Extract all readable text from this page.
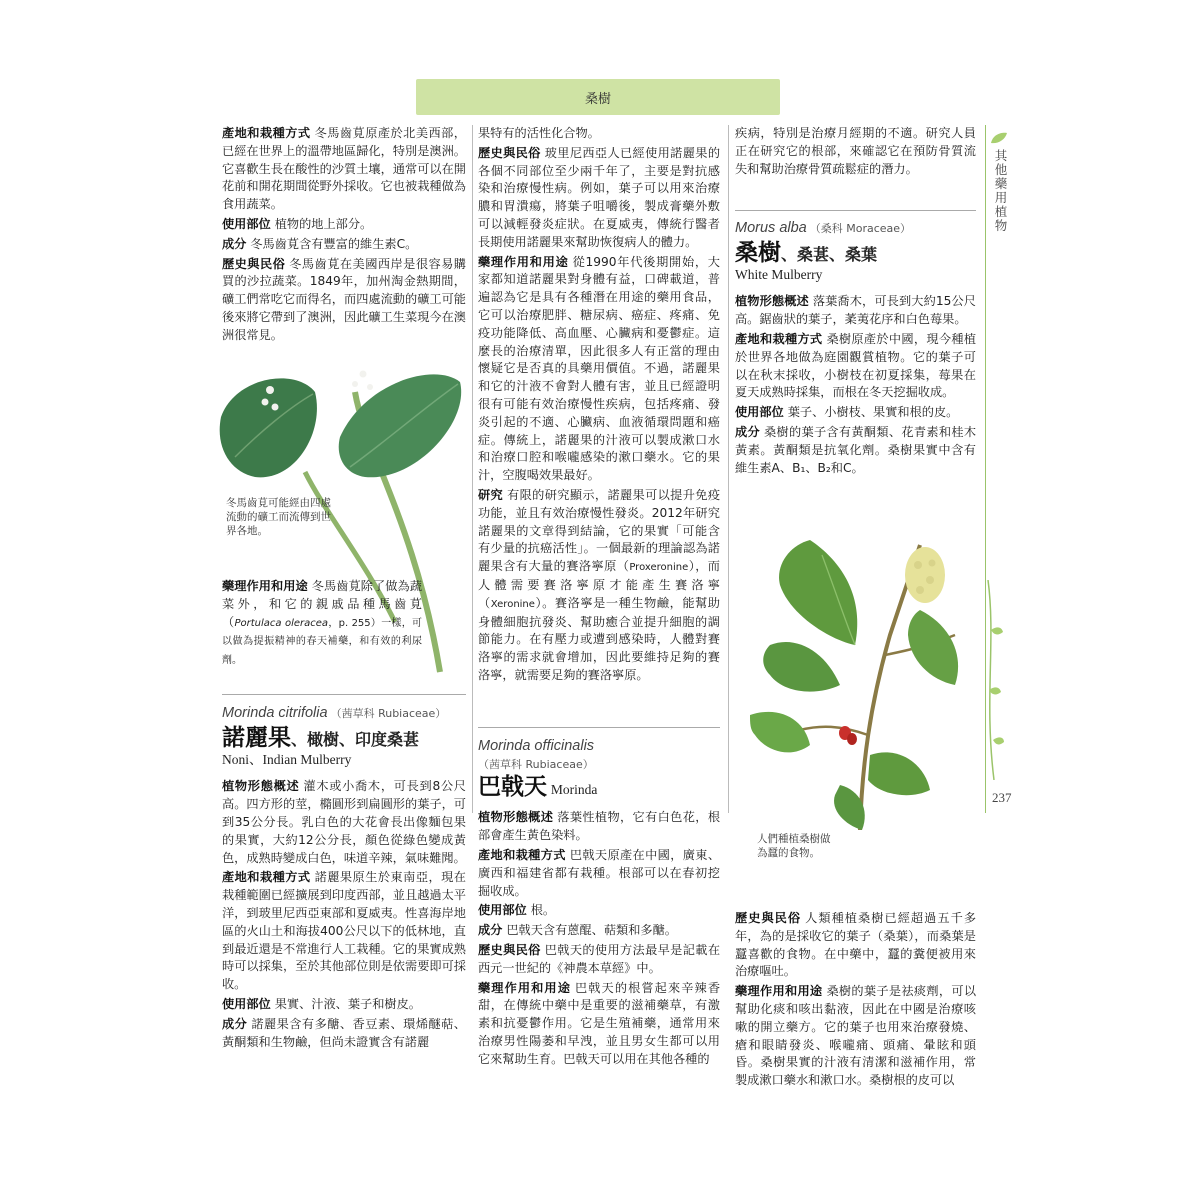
桑樹
其
他
藥
用
植
物
237
產地和栽種方式 冬馬齒莧原產於北美西部，已經在世界上的溫帶地區歸化，特別是澳洲。它喜歡生長在酸性的沙質土壤，通常可以在開花前和開花期間從野外採收。它也被栽種做為食用蔬菜。
使用部位 植物的地上部分。
成分 冬馬齒莧含有豐富的維生素C。
歷史與民俗 冬馬齒莧在美國西岸是很容易購買的沙拉蔬菜。1849年，加州淘金熱期間，礦工們常吃它而得名，而四處流動的礦工可能後來將它帶到了澳洲，因此礦工生菜現今在澳洲很常見。
冬馬齒莧可能經由四處流動的礦工而流傳到世界各地。
藥理作用和用途 冬馬齒莧除了做為蔬菜外，和它的親戚品種馬齒莧（Portulaca oleracea，p. 255）一樣，可以做為提振精神的春天補藥，和有效的利尿劑。
Morinda citrifolia （茜草科 Rubiaceae）
諾麗果、橄樹、印度桑葚
Noni、Indian Mulberry
植物形態概述 灌木或小喬木，可長到8公尺高。四方形的莖，橢圓形到扁圓形的葉子，可到35公分長。乳白色的大花會長出像麵包果的果實，大約12公分長，顏色從綠色變成黃色，成熟時變成白色，味道辛辣，氣味難聞。
產地和栽種方式 諾麗果原生於東南亞，現在栽種範圍已經擴展到印度西部，並且越過太平洋，到玻里尼西亞東部和夏威夷。性喜海岸地區的火山土和海拔400公尺以下的低林地，直到最近還是不常進行人工栽種。它的果實成熟時可以採集，至於其他部位則是依需要即可採收。
使用部位 果實、汁液、葉子和樹皮。
成分 諾麗果含有多醣、香豆素、環烯醚萜、黃酮類和生物鹼，但尚未證實含有諾麗
果特有的活性化合物。
歷史與民俗 玻里尼西亞人已經使用諾麗果的各個不同部位至少兩千年了，主要是對抗感染和治療慢性病。例如，葉子可以用來治療膿和胃潰瘍，將葉子咀嚼後，製成膏藥外敷可以減輕發炎症狀。在夏威夷，傳統行醫者長期使用諾麗果來幫助恢復病人的體力。
藥理作用和用途 從1990年代後期開始，大家都知道諾麗果對身體有益，口碑載道，普遍認為它是具有各種潛在用途的藥用食品，它可以治療肥胖、糖尿病、癌症、疼痛、免疫功能降低、高血壓、心臟病和憂鬱症。這麼長的治療清單，因此很多人有正當的理由懷疑它是否真的具藥用價值。不過，諾麗果和它的汁液不會對人體有害，並且已經證明很有可能有效治療慢性疾病，包括疼痛、發炎引起的不適、心臟病、血液循環問題和癌症。傳統上，諾麗果的汁液可以製成漱口水和治療口腔和喉嚨感染的漱口藥水。它的果汁，空腹喝效果最好。
研究 有限的研究顯示，諾麗果可以提升免疫功能，並且有效治療慢性發炎。2012年研究諾麗果的文章得到結論，它的果實「可能含有少量的抗癌活性」。一個最新的理論認為諾麗果含有大量的賽洛寧原（Proxeronine），而人體需要賽洛寧原才能產生賽洛寧（Xeronine）。賽洛寧是一種生物鹼，能幫助身體細胞抗發炎、幫助癒合並提升細胞的調節能力。在有壓力或遭到感染時，人體對賽洛寧的需求就會增加，因此要維持足夠的賽洛寧，就需要足夠的賽洛寧原。
Morinda officinalis
（茜草科 Rubiaceae）
巴戟天 Morinda
植物形態概述 落葉性植物，它有白色花，根部會產生黃色染料。
產地和栽種方式 巴戟天原產在中國，廣東、廣西和福建省都有栽種。根部可以在春初挖掘收成。
使用部位 根。
成分 巴戟天含有蒽醌、萜類和多醣。
歷史與民俗 巴戟天的使用方法最早是記載在西元一世紀的《神農本草經》中。
藥理作用和用途 巴戟天的根嘗起來辛辣香甜，在傳統中藥中是重要的滋補藥草，有激素和抗憂鬱作用。它是生殖補藥，通常用來治療男性陽萎和早洩，並且男女生都可以用它來幫助生育。巴戟天可以用在其他各種的
疾病，特別是治療月經期的不適。研究人員正在研究它的根部，來確認它在預防骨質流失和幫助治療骨質疏鬆症的潛力。
Morus alba （桑科 Moraceae）
桑樹、桑葚、桑葉
White Mulberry
植物形態概述 落葉喬木，可長到大約15公尺高。鋸齒狀的葉子，葇荑花序和白色莓果。
產地和栽種方式 桑樹原產於中國，現今種植於世界各地做為庭園觀賞植物。它的葉子可以在秋末採收，小樹枝在初夏採集，莓果在夏天成熟時採集，而根在冬天挖掘收成。
使用部位 葉子、小樹枝、果實和根的皮。
成分 桑樹的葉子含有黃酮類、花青素和桂木黃素。黃酮類是抗氧化劑。桑樹果實中含有維生素A、B₁、B₂和C。
人們種植桑樹做為蠶的食物。
歷史與民俗 人類種植桑樹已經超過五千多年，為的是採收它的葉子（桑葉），而桑葉是蠶喜歡的食物。在中藥中，蠶的糞便被用來治療嘔吐。
藥理作用和用途 桑樹的葉子是祛痰劑，可以幫助化痰和咳出黏液，因此在中國是治療咳嗽的開立藥方。它的葉子也用來治療發燒、瘡和眼睛發炎、喉嚨痛、頭痛、暈眩和頭昏。桑樹果實的汁液有清潔和滋補作用，常製成漱口藥水和漱口水。桑樹根的皮可以
